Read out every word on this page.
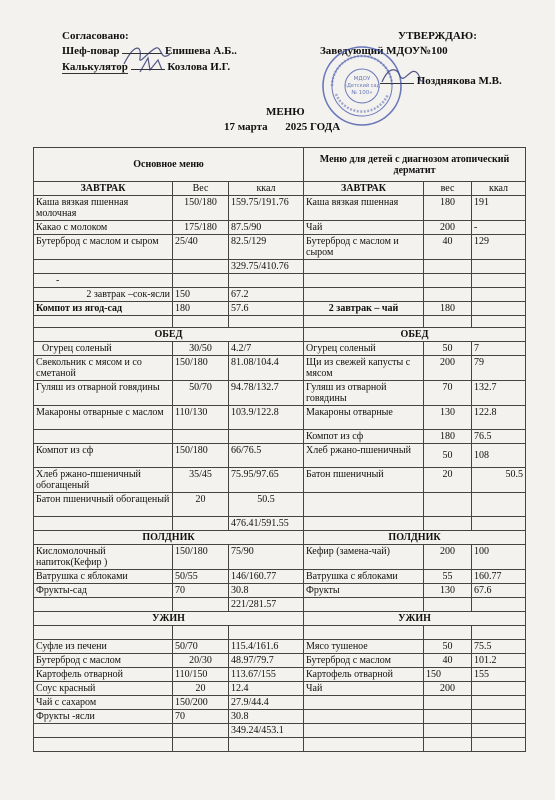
Согласовано:
Шеф-повар	Епишева А.Б..
Калькулятор	Козлова И.Г.
УТВЕРЖДАЮ:
Заведующий МДОУ№100
Позднякова М.В.
МЕНЮ
17 марта 2025 ГОДА
МДОУ
«Детский сад
№ 100»
Основное меню			Меню для детей с диагнозом атопический дерматит		
ЗАВТРАК	Вес	ккал	ЗАВТРАК	вес	ккал
Каша вязкая пшенная молочная	150/180	159.75/191.76	Каша вязкая пшенная	180	191
Какао с молоком	175/180	87.5/90	Чай	200	-
Бутерброд с маслом и сыром	25/40	82.5/129	Бутерброд с маслом и сыром	40	129
		329.75/410.76			
-					
2 завтрак –сок-ясли	150	67.2			
Компот из ягод-сад	180	57.6	2 завтрак – чай	180	

ОБЕД			ОБЕД		
Огурец соленый	30/50	4.2/7	Огурец соленый	50	7
Свекольник с мясом и со сметаной	150/180	81.08/104.4	Щи из свежей капусты с мясом	200	79
Гуляш из отварной говядины	50/70	94.78/132.7	Гуляш из отварной говядины	70	132.7
Макароны отварные с маслом	110/130	103.9/122.8	Макароны отварные	130	122.8
			Компот из сф	180	76.5
Компот из сф	150/180	66/76.5	Хлеб ржано-пшеничный	50	108
Хлеб ржано-пшеничный обогащеный	35/45	75.95/97.65	Батон пшеничный	20	50.5
Батон пшеничный обогащеный	20	50.5			
		476.41/591.55			
ПОЛДНИК			ПОЛДНИК		
Кисломолочный напиток(Кефир )	150/180	75/90	Кефир (замена-чай)	200	100
Ватрушка с яблоками	50/55	146/160.77	Ватрушка с яблоками	55	160.77
Фрукты-сад	70	30.8	Фрукты	130	67.6
		221/281.57			
УЖИН			УЖИН		

Суфле из печени	50/70	115.4/161.6	Мясо тушеное	50	75.5
Бутерброд с маслом	20/30	48.97/79.7	Бутерброд с маслом	40	101.2
Картофель отварной	110/150	113.67/155	Картофель отварной	150	155
Соус красный	20	12.4	Чай	200	
Чай с сахаром	150/200	27.9/44.4			
Фрукты -ясли	70	30.8			
		349.24/453.1			
